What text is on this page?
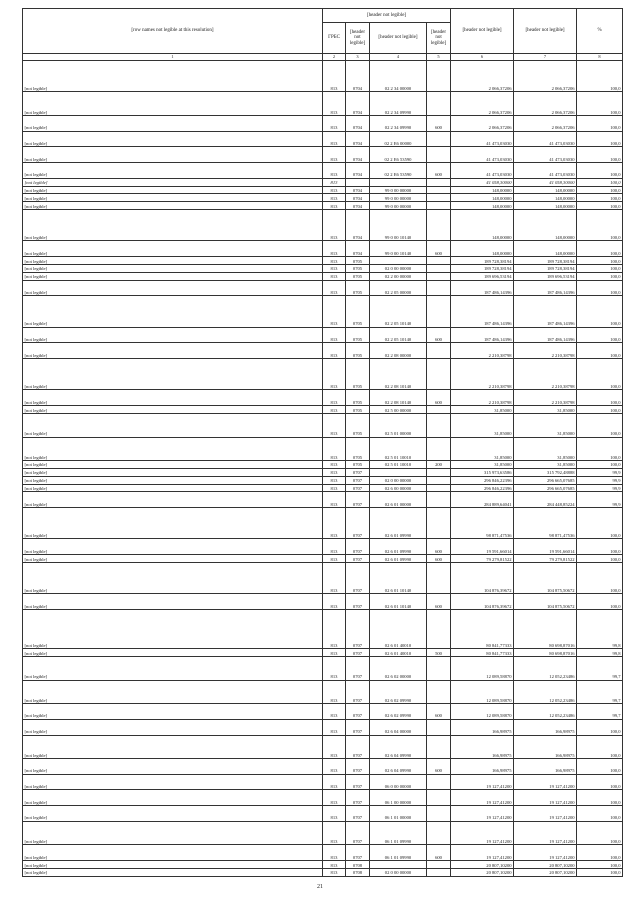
[row names not legible at this resolution]	[header not legible]				[header not legible]	[header not legible]	%	
	ГРБС	[header not legible]	[header not legible]	[header not legible]				
1	2	3	4	5	6	7	8	
[not legible]	813	0704	02 2 34 00000		2 066,37206	2 066,37206	100,0	
[not legible]	813	0704	02 2 34 09990		2 066,37206	2 066,37206	100,0	
[not legible]	813	0704	02 2 34 09990	600	2 066,37206	2 066,37206	100,0	
[not legible]	813	0704	02 2 E6 00000		41 473,03030	41 473,03030	100,0	
[not legible]	813	0704	02 2 E6 53590		41 473,03030	41 473,03030	100,0	
[not legible]	813	0704	02 2 E6 53590	600	41 473,03030	41 473,03030	100,0	
[not legible]	813				41 058,30000	41 058,30000	100,0	
[not legible]	813	0704	99 0 00 00000		148,00000	148,00000	100,0	
[not legible]	813	0704	99 0 00 00000		148,00000	148,00000	100,0	
[not legible]	813	0704	99 0 00 00000		148,00000	148,00000	100,0	
[not legible]	813	0704	99 0 00 10140		148,00000	148,00000	100,0	
[not legible]	813	0704	99 0 00 10140	600	148,00000	148,00000	100,0	
[not legible]	813	0705			189 728,38194	189 728,38194	100,0	
[not legible]	813	0705	02 0 00 00000		189 728,38194	189 728,38194	100,0	
[not legible]	813	0705	02 2 00 00000		189 696,53194	189 696,53194	100,0	
[not legible]	813	0705	02 2 05 00000		187 486,14396	187 486,14396	100,0	
[not legible]	813	0705	02 2 05 10140		187 486,14396	187 486,14396	100,0	
[not legible]	813	0705	02 2 05 10140	600	187 486,14396	187 486,14396	100,0	
[not legible]	813	0705	02 2 08 00000		2 210,38798	2 210,38798	100,0	
[not legible]	813	0705	02 2 08 10140		2 210,38798	2 210,38798	100,0	
[not legible]	813	0705	02 2 08 10140	600	2 210,38798	2 210,38798	100,0	
[not legible]	813	0705	02 5 00 00000		31,85000	31,85000	100,0	
[not legible]	813	0705	02 5 01 00000		31,85000	31,85000	100,0	
[not legible]	813	0705	02 5 01 10010		31,85000	31,85000	100,0	
[not legible]	813	0705	02 5 01 10010	200	31,85000	31,85000	100,0	
[not legible]	813	0707			315 973,63586	315 792,48888	99,9	
[not legible]	813	0707	02 0 00 00000		296 846,22396	296 665,07685	99,9	
[not legible]	813	0707	02 6 00 00000		296 846,22396	296 665,07685	99,9	
[not legible]	813	0707	02 6 01 00000		284 889,64041	284 448,85224	99,9	
[not legible]	813	0707	02 6 01 09990		98 871,47536	98 871,47536	100,0	
[not legible]	813	0707	02 6 01 09990	600	19 591,66014	19 591,66014	100,0	
[not legible]	813	0707	02 6 01 09990	600	79 279,81522	79 279,81522	100,0	
[not legible]	813	0707	02 6 01 10140		104 876,39672	104 875,50672	100,0	
[not legible]	813	0707	02 6 01 10140	600	104 876,39672	104 875,50672	100,0	
[not legible]	813	0707	02 6 01 40010		80 841,77333	80 698,87016	99,8	
[not legible]	813	0707	02 6 01 40010	500	80 841,77333	80 698,87016	99,8	
[not legible]	813	0707	02 6 02 00000		12 089,58870	12 052,23486	99,7	
[not legible]	813	0707	02 6 02 09990		12 089,58870	12 052,23486	99,7	
[not legible]	813	0707	02 6 02 09990	600	12 089,58870	12 052,23486	99,7	
[not legible]	813	0707	02 6 04 00000		166,98975	166,98975	100,0	
[not legible]	813	0707	02 6 04 09990		166,98975	166,98975	100,0	
[not legible]	813	0707	02 6 04 09990	600	166,98975	166,98975	100,0	
[not legible]	813	0707	06 0 00 00000		19 127,41200	19 127,41200	100,0	
[not legible]	813	0707	06 1 00 00000		19 127,41200	19 127,41200	100,0	
[not legible]	813	0707	06 1 01 00000		19 127,41200	19 127,41200	100,0	
[not legible]	813	0707	06 1 01 09990		19 127,41200	19 127,41200	100,0	
[not legible]	813	0707	06 1 01 09990	600	19 127,41200	19 127,41200	100,0	
[not legible]	813	0708			20 807,10200	20 807,10200	100,0	
[not legible]	813	0708	02 0 00 00000		20 807,10200	20 807,10200	100,0	
21
